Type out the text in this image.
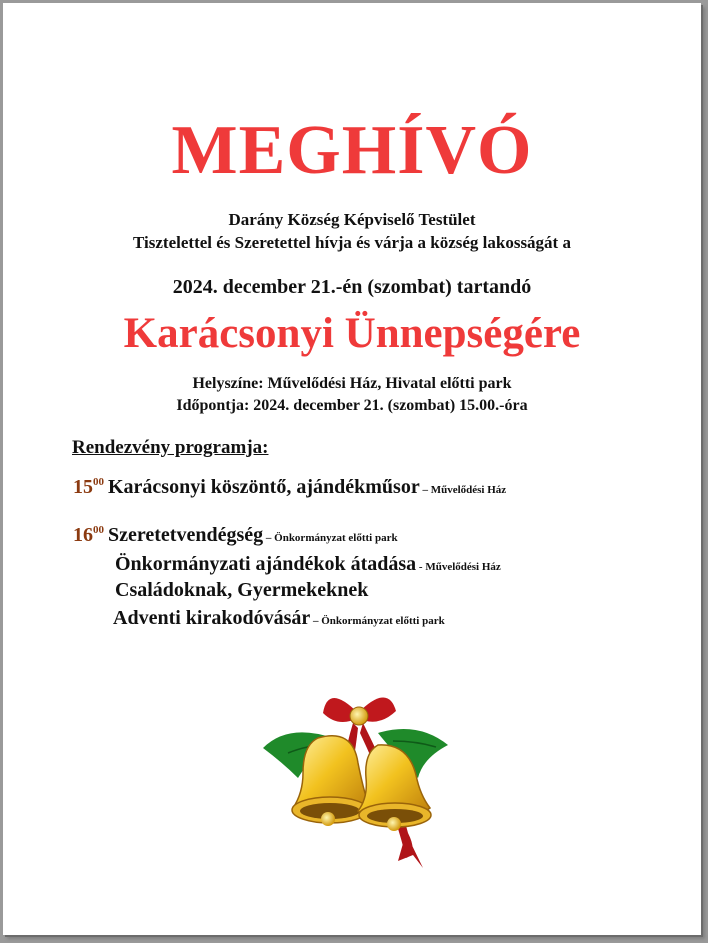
MEGHÍVÓ
Darány Község Képviselő Testület
Tisztelettel és Szeretettel hívja és várja a község lakosságát a
2024. december 21.-én (szombat) tartandó
Karácsonyi Ünnepségére
Helyszíne: Művelődési Ház, Hivatal előtti park
Időpontja: 2024. december 21. (szombat) 15.00.-óra
Rendezvény programja:
$15^{00}$ Karácsonyi köszöntő, ajándékműsor – Művelődési Ház
$16^{00}$ Szeretetvendégség – Önkormányzat előtti park
Önkormányzati ajándékok átadása - Művelődési Ház
Családoknak, Gyermekeknek
Adventi kirakodóvásár – Önkormányzat előtti park
